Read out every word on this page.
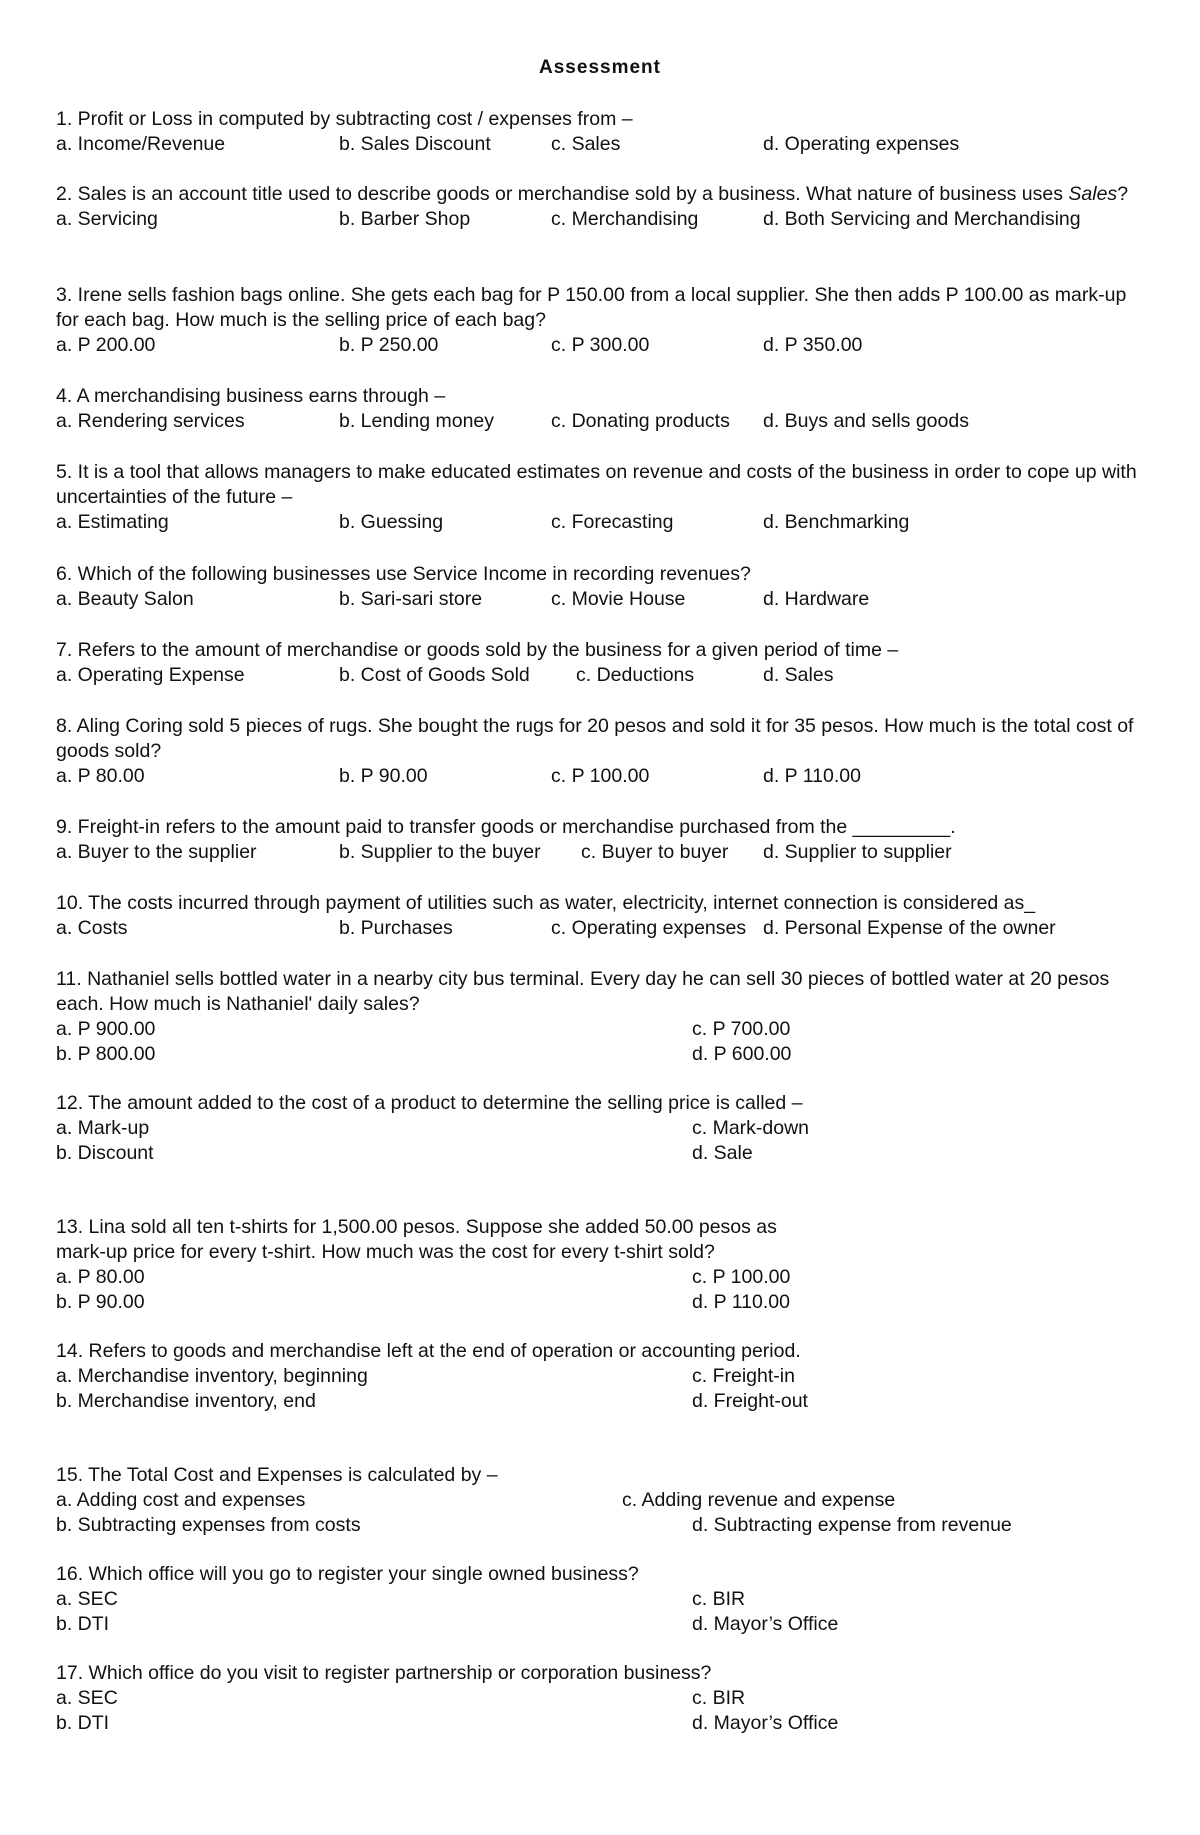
Assessment
1. Profit or Loss in computed by subtracting cost / expenses from –
a. Income/Revenue	b. Sales Discount	c. Sales	d. Operating expenses
2. Sales is an account title used to describe goods or merchandise sold by a business. What nature of business uses Sales?
a. Servicing	b. Barber Shop	c. Merchandising	d. Both Servicing and Merchandising
3. Irene sells fashion bags online. She gets each bag for P 150.00 from a local supplier. She then adds P 100.00 as mark-up for each bag. How much is the selling price of each bag?
a. P 200.00	b. P 250.00	c. P 300.00	d. P 350.00
4. A merchandising business earns through –
a. Rendering services	b. Lending money	c. Donating products d. Buys and sells goods
5. It is a tool that allows managers to make educated estimates on revenue and costs of the business in order to cope up with uncertainties of the future –
a. Estimating	b. Guessing	c. Forecasting	d. Benchmarking
6. Which of the following businesses use Service Income in recording revenues?
a. Beauty Salon	b. Sari-sari store	c. Movie House	d. Hardware
7. Refers to the amount of merchandise or goods sold by the business for a given period of time –
a. Operating Expense	b. Cost of Goods Sold c. Deductions	d. Sales
8. Aling Coring sold 5 pieces of rugs. She bought the rugs for 20 pesos and sold it for 35 pesos. How much is the total cost of goods sold?
a. P 80.00	b. P 90.00	c. P 100.00	d. P 110.00
9. Freight-in refers to the amount paid to transfer goods or merchandise purchased from the _________.
a. Buyer to the supplier	b. Supplier to the buyer c. Buyer to buyer d. Supplier to supplier
10. The costs incurred through payment of utilities such as water, electricity, internet connection is considered as_
a. Costs	b. Purchases	c. Operating expenses d. Personal Expense of the owner
11. Nathaniel sells bottled water in a nearby city bus terminal. Every day he can sell 30 pieces of bottled water at 20 pesos each. How much is Nathaniel' daily sales?
a. P 900.00	c. P 700.00
b. P 800.00	d. P 600.00
12. The amount added to the cost of a product to determine the selling price is called –
a. Mark-up	c. Mark-down
b. Discount	d. Sale
13. Lina sold all ten t-shirts for 1,500.00 pesos. Suppose she added 50.00 pesos as mark-up price for every t-shirt. How much was the cost for every t-shirt sold?
a. P 80.00	c. P 100.00
b. P 90.00	d. P 110.00
14. Refers to goods and merchandise left at the end of operation or accounting period.
a. Merchandise inventory, beginning	c. Freight-in
b. Merchandise inventory, end	d. Freight-out
15. The Total Cost and Expenses is calculated by –
a. Adding cost and expenses	c. Adding revenue and expense
b. Subtracting expenses from costs	d. Subtracting expense from revenue
16. Which office will you go to register your single owned business?
a. SEC	c. BIR
b. DTI	d. Mayor’s Office
17. Which office do you visit to register partnership or corporation business?
a. SEC	c. BIR
b. DTI	d. Mayor’s Office
